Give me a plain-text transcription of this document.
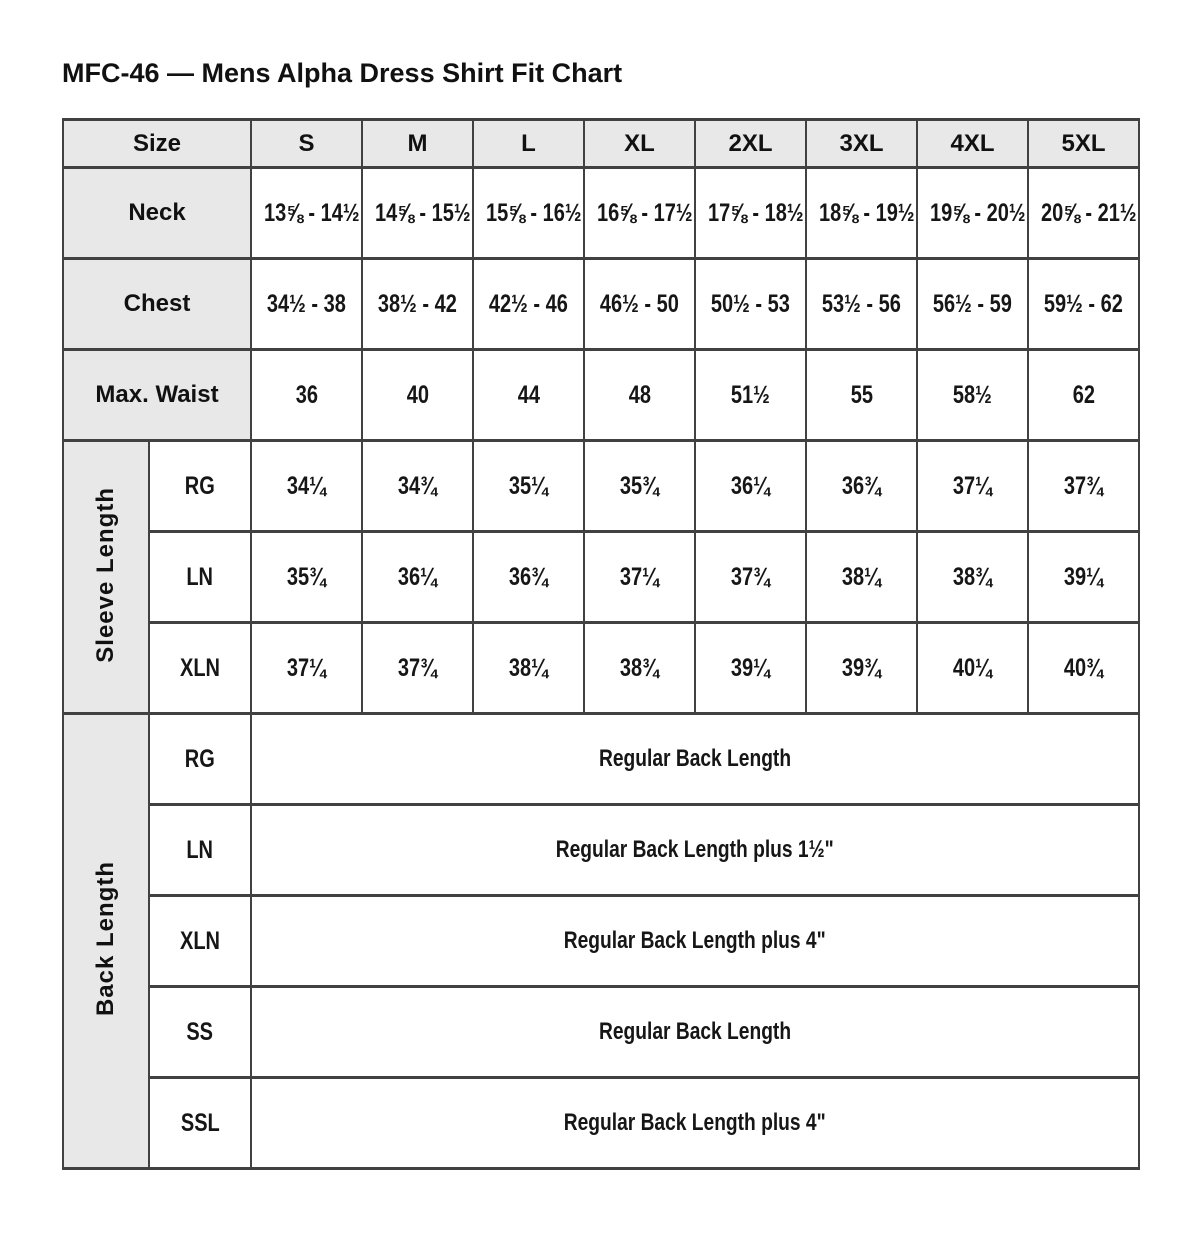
MFC-46 — Mens Alpha Dress Shirt Fit Chart
Size		S	M	L	XL	2XL	3XL	4XL	5XL
Neck		13⅝ - 14½	14⅝ - 15½	15⅝ - 16½	16⅝ - 17½	17⅝ - 18½	18⅝ - 19½	19⅝ - 20½	20⅝ - 21½
Chest		34½ - 38	38½ - 42	42½ - 46	46½ - 50	50½ - 53	53½ - 56	56½ - 59	59½ - 62
Max. Waist		36	40	44	48	51½	55	58½	62
Sleeve Length	RG	34¼	34¾	35¼	35¾	36¼	36¾	37¼	37¾
	LN	35¾	36¼	36¾	37¼	37¾	38¼	38¾	39¼
	XLN	37¼	37¾	38¼	38¾	39¼	39¾	40¼	40¾
Back Length	RG	Regular Back Length							
	LN	Regular Back Length plus 1½"							
	XLN	Regular Back Length plus 4"							
	SS	Regular Back Length							
	SSL	Regular Back Length plus 4"							
